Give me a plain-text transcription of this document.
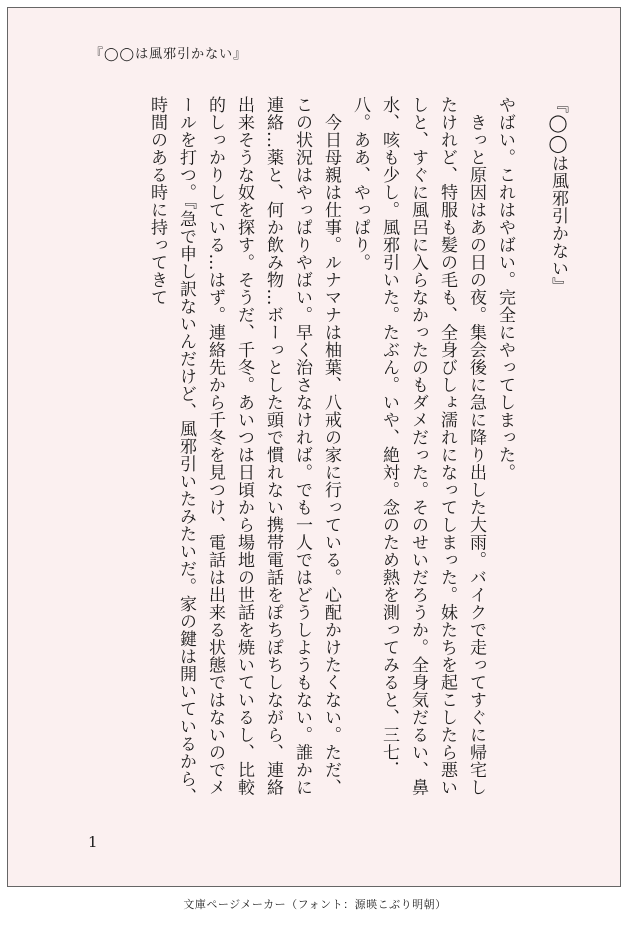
『◯◯は風邪引かない』
『◯◯は風邪引かない』
やばい。これはやばい。完全にやってしまった。
　きっと原因はあの日の夜。集会後に急に降り出した大雨。バイクで走ってすぐに帰宅したけれど、特服も髪の毛も、全身びしょ濡れになってしまった。妹たちを起こしたら悪いしと、すぐに風呂に入らなかったのもダメだった。そのせいだろうか。全身気だるい、鼻水、咳も少し。風邪引いた。たぶん。いや、絶対。念のため熱を測ってみると、三七．八。ああ、やっぱり。
　今日母親は仕事。ルナマナは柚葉、八戒の家に行っている。心配かけたくない。ただ、この状況はやっぱりやばい。早く治さなければ。でも一人ではどうしようもない。誰かに連絡…薬と、何か飲み物…ボーっとした頭で慣れない携帯電話をぽちぽちしながら、連絡出来そうな奴を探す。そうだ、千冬。あいつは日頃から場地の世話を焼いているし、比較的しっかりしている…はず。連絡先から千冬を見つけ、電話は出来る状態ではないのでメールを打つ。『急で申し訳ないんだけど、風邪引いたみたいだ。家の鍵は開いているから、時間のある時に持ってきて
1
文庫ページメーカー（フォント：源暎こぶり明朝）
